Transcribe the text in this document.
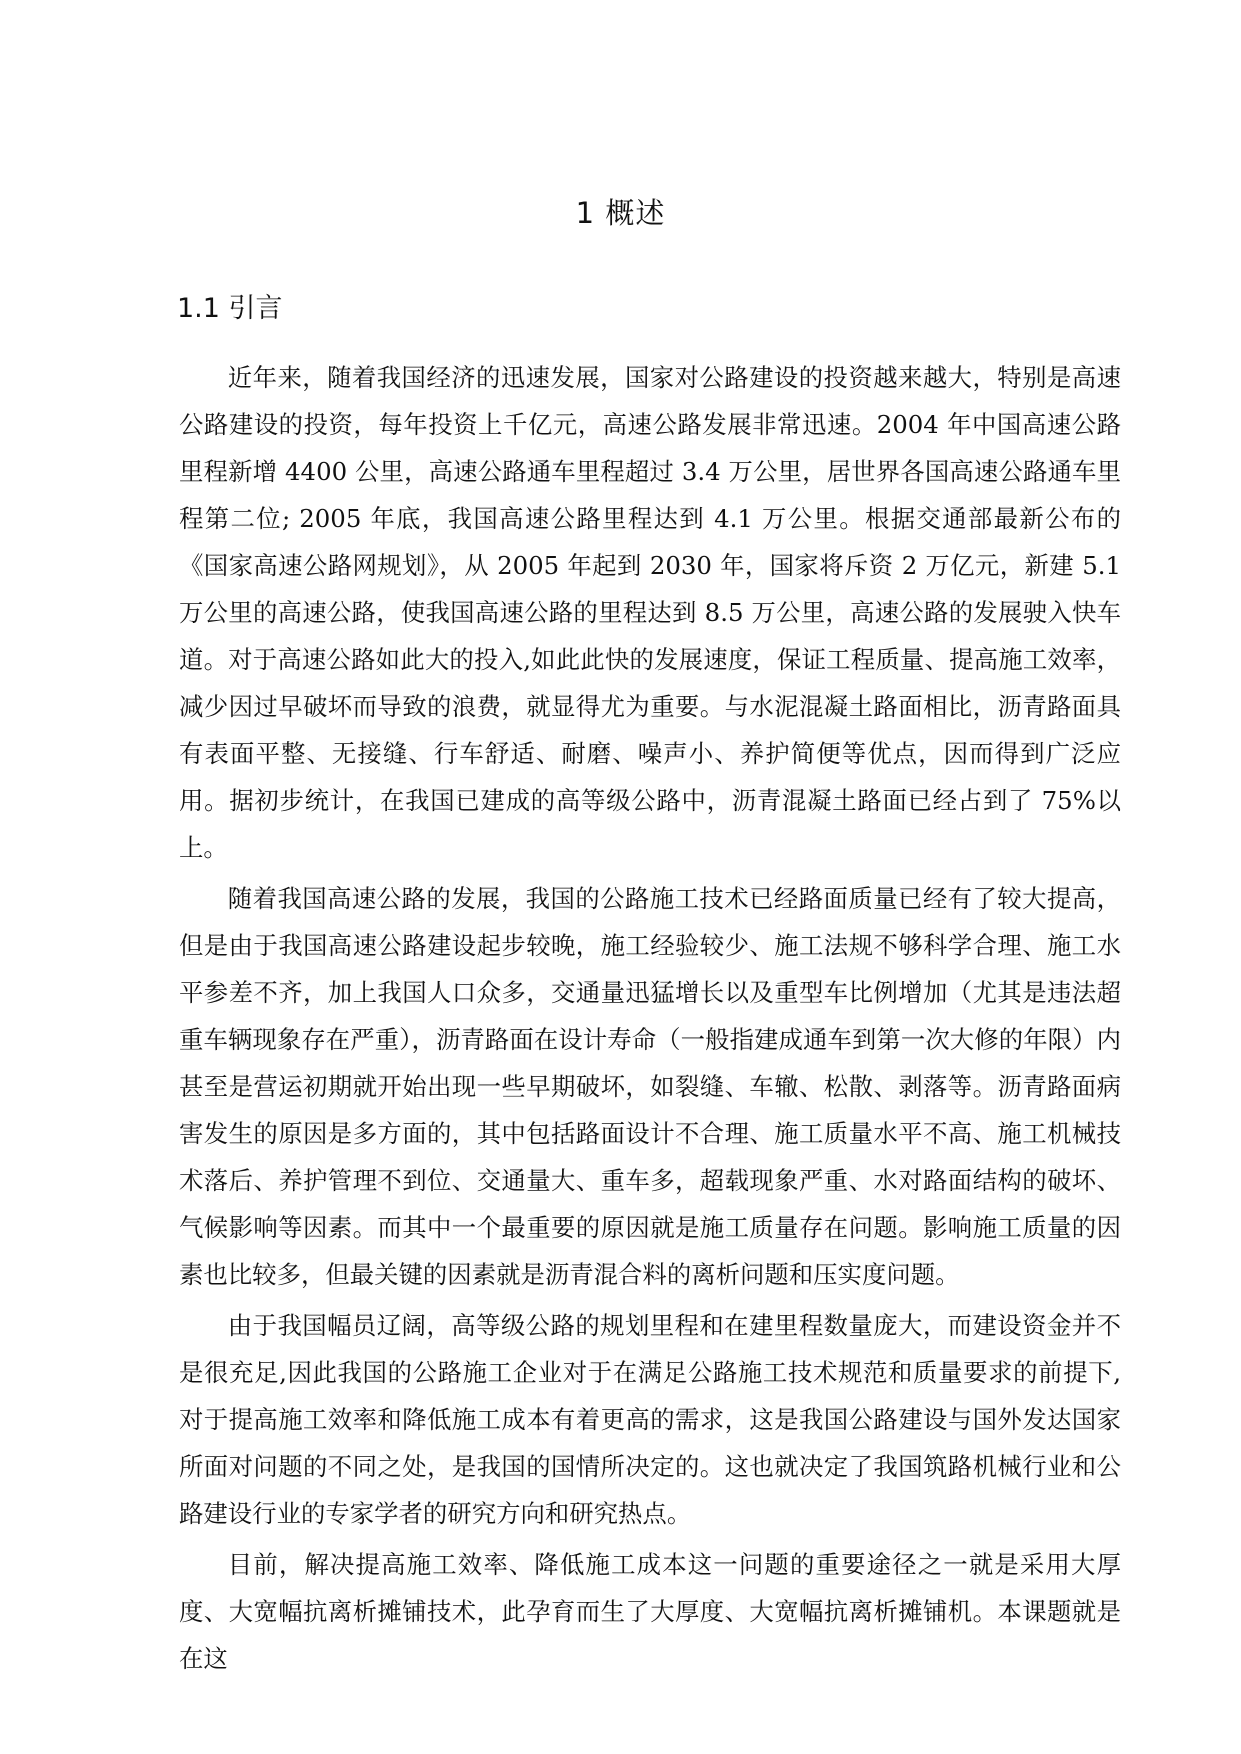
1 概述
1.1 引言

近年来，随着我国经济的迅速发展，国家对公路建设的投资越来越大，特别是高速公路建设的投资，每年投资上千亿元，高速公路发展非常迅速。2004 年中国高速公路里程新增 4400 公里，高速公路通车里程超过 3.4 万公里，居世界各国高速公路通车里程第二位; 2005 年底，我国高速公路里程达到 4.1 万公里。根据交通部最新公布的《国家高速公路网规划》，从 2005 年起到 2030 年，国家将斥资 2 万亿元，新建 5.1 万公里的高速公路，使我国高速公路的里程达到 8.5 万公里，高速公路的发展驶入快车道。对于高速公路如此大的投入,如此此快的发展速度，保证工程质量、提高施工效率，减少因过早破坏而导致的浪费，就显得尤为重要。与水泥混凝土路面相比，沥青路面具有表面平整、无接缝、行车舒适、耐磨、噪声小、养护简便等优点，因而得到广泛应用。据初步统计，在我国已建成的高等级公路中，沥青混凝土路面已经占到了 75%以上。

随着我国高速公路的发展，我国的公路施工技术已经路面质量已经有了较大提高，但是由于我国高速公路建设起步较晚，施工经验较少、施工法规不够科学合理、施工水平参差不齐，加上我国人口众多，交通量迅猛增长以及重型车比例增加（尤其是违法超重车辆现象存在严重），沥青路面在设计寿命（一般指建成通车到第一次大修的年限）内甚至是营运初期就开始出现一些早期破坏，如裂缝、车辙、松散、剥落等。沥青路面病害发生的原因是多方面的，其中包括路面设计不合理、施工质量水平不高、施工机械技术落后、养护管理不到位、交通量大、重车多，超载现象严重、水对路面结构的破坏、气候影响等因素。而其中一个最重要的原因就是施工质量存在问题。影响施工质量的因素也比较多，但最关键的因素就是沥青混合料的离析问题和压实度问题。

由于我国幅员辽阔，高等级公路的规划里程和在建里程数量庞大，而建设资金并不是很充足,因此我国的公路施工企业对于在满足公路施工技术规范和质量要求的前提下,对于提高施工效率和降低施工成本有着更高的需求，这是我国公路建设与国外发达国家所面对问题的不同之处，是我国的国情所决定的。这也就决定了我国筑路机械行业和公路建设行业的专家学者的研究方向和研究热点。

目前，解决提高施工效率、降低施工成本这一问题的重要途径之一就是采用大厚度、大宽幅抗离析摊铺技术，此孕育而生了大厚度、大宽幅抗离析摊铺机。本课题就是在这
